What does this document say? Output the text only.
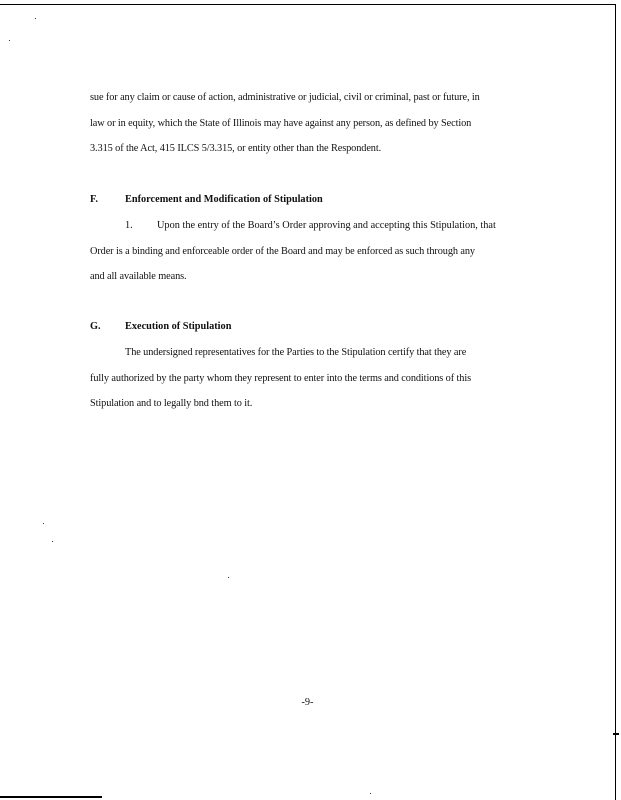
sue for any claim or cause of action, administrative or judicial, civil or criminal, past or future, in
law or in equity, which the State of Illinois may have against any person, as defined by Section
3.315 of the Act, 415 ILCS 5/3.315, or entity other than the Respondent.
F.	Enforcement and Modification of Stipulation
1. Upon the entry of the Board’s Order approving and accepting this Stipulation, that
Order is a binding and enforceable order of the Board and may be enforced as such through any
and all available means.
G. Execution of Stipulation
The undersigned representatives for the Parties to the Stipulation certify that they are
fully authorized by the party whom they represent to enter into the terms and conditions of this
Stipulation and to legally bnd them to it.
-9-
